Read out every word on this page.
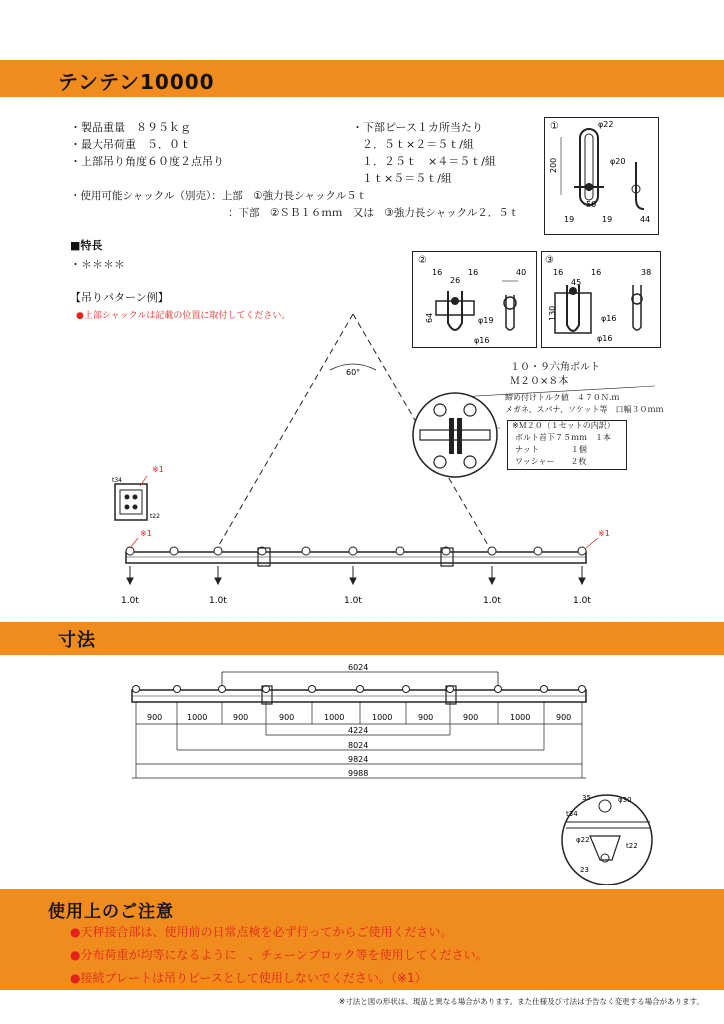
テンテン10000
・製品重量　８９５ｋｇ
・最大吊荷重　５．０ｔ
・上部吊り角度６０度２点吊り
・使用可能シャックル（別売）：上部　①強力長シャックル５ｔ
：下部　②ＳＢ１６ｍｍ　又は　③強力長シャックル２．５ｔ
・下部ピース１カ所当たり
２．５ｔ×２＝５ｔ/組
１．２５ｔ　×４＝５ｔ/組
１ｔ×５＝５ｔ/組
■特長
・＊＊＊＊
【吊りパターン例】
●上部シャックルは記載の位置に取付してください。
①
200
φ22
φ20
50
19	19	44
②
16
26
16	40
64	φ19
φ16
③
16
45
16	38
130	φ16
φ16
１０・９六角ボルト
Ｍ２０×８本
締め付けトルク値　４７０Ｎ.ｍ
メガネ、スパナ、ソケット等　口幅３０ｍｍ
※Ｍ２０（１セットの内訳）
ボルト首下７５ｍｍ　１本
ナット　　　　１個
ワッシャー　　２枚
60°
t34
t22
※1
※1	※1
1.0t	1.0t	1.0t	1.0t	1.0t
寸法
6024
900	1000	900	900	1000	1000	900	900	1000	900
4224
8024
9824
9988
35	φ30
t34
φ22
t22
23
使用上のご注意
●天秤接合部は、使用前の日常点検を必ず行ってからご使用ください。
●分布荷重が均等になるように　、チェーンブロック等を使用してください。
●接続プレートは吊りピースとして使用しないでください。（※1）
※寸法と図の形状は、現品と異なる場合があります。また仕様及び寸法は予告なく変更する場合があります。
